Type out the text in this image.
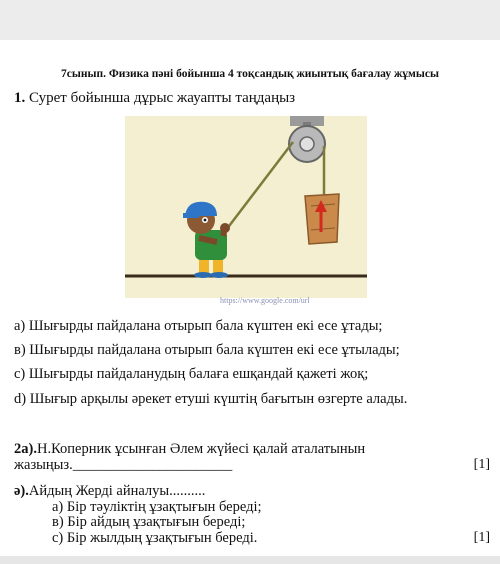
7сынып. Физика пәні бойынша 4 тоқсандық жиынтық бағалау жұмысы
1. Сурет бойынша дұрыс жауапты таңдаңыз
https://www.google.com/url
a) Шығырды пайдалана отырып бала күштен екі есе ұтады;
в) Шығырды пайдалана отырып бала күштен екі есе ұтылады;
c) Шығырды пайдаланудың балаға ешқандай қажеті жоқ;
d) Шығыр арқылы әрекет етуші күштің бағытын өзгерте алады.
2а).Н.Коперник ұсынған Әлем жүйесі қалай аталатынын
жазыңыз.______________________	[1]
ә).Айдың Жерді айналуы..........
а) Бір тәуліктің ұзақтығын береді;
в) Бір айдың ұзақтығын береді;
с) Бір жылдың ұзақтығын береді.	[1]
